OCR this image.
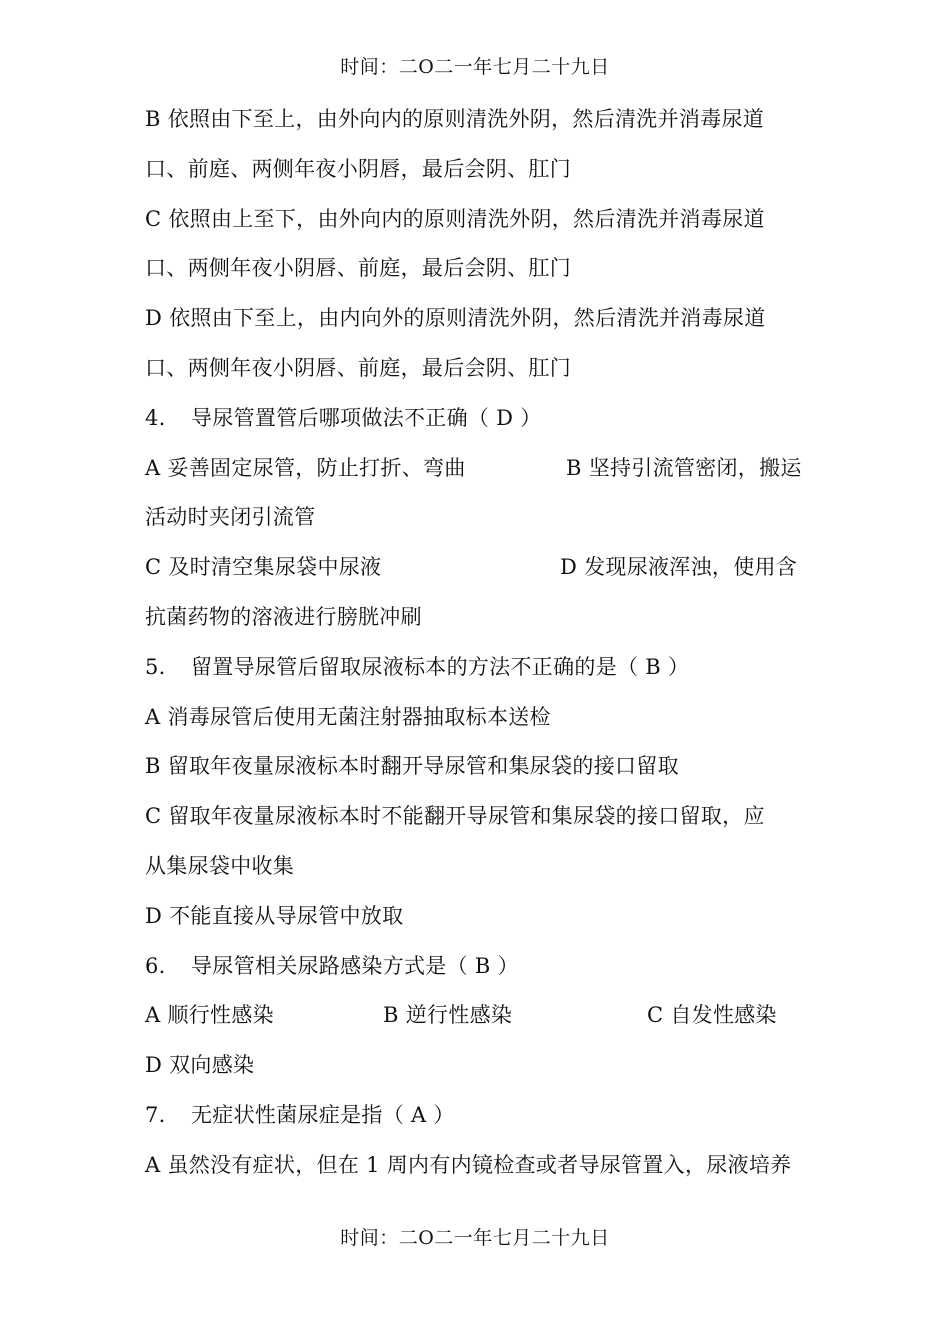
时间：二O二一年七月二十九日
B 依照由下至上，由外向内的原则清洗外阴，然后清洗并消毒尿道
口、前庭、两侧年夜小阴唇，最后会阴、肛门
C 依照由上至下，由外向内的原则清洗外阴，然后清洗并消毒尿道
口、两侧年夜小阴唇、前庭，最后会阴、肛门
D 依照由下至上，由内向外的原则清洗外阴，然后清洗并消毒尿道
口、两侧年夜小阴唇、前庭，最后会阴、肛门
4. 导尿管置管后哪项做法不正确（ D ）
A 妥善固定尿管，防止打折、弯曲	B 坚持引流管密闭，搬运
活动时夹闭引流管
C 及时清空集尿袋中尿液	D 发现尿液浑浊，使用含
抗菌药物的溶液进行膀胱冲刷
5. 留置导尿管后留取尿液标本的方法不正确的是（ B ）
A 消毒尿管后使用无菌注射器抽取标本送检
B 留取年夜量尿液标本时翻开导尿管和集尿袋的接口留取
C 留取年夜量尿液标本时不能翻开导尿管和集尿袋的接口留取，应
从集尿袋中收集
D 不能直接从导尿管中放取
6. 导尿管相关尿路感染方式是（ B ）
A 顺行性感染	B 逆行性感染	C 自发性感染
D 双向感染
7. 无症状性菌尿症是指（ A ）
A 虽然没有症状，但在 1 周内有内镜检查或者导尿管置入，尿液培养
时间：二O二一年七月二十九日
